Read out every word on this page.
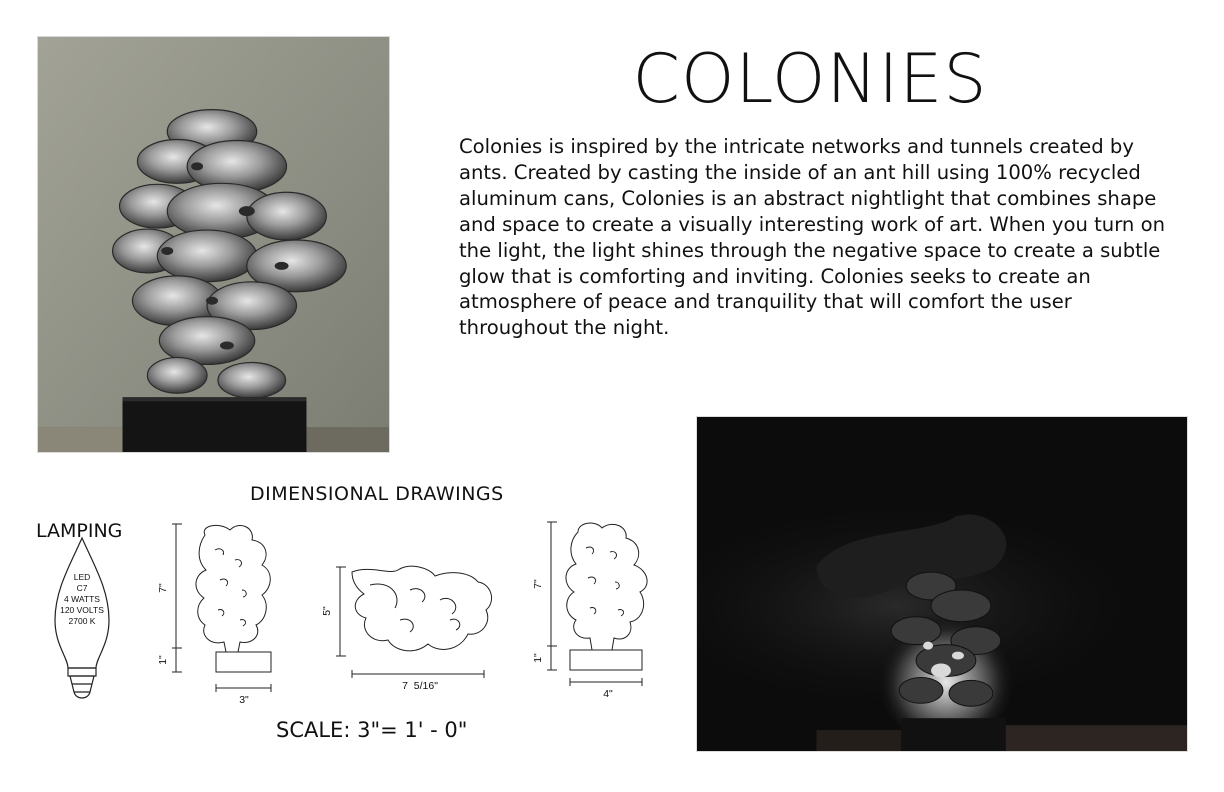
COLONIES
Colonies is inspired by the intricate networks and tunnels created by ants. Created by casting the inside of an ant hill using 100% recycled aluminum cans, Colonies is an abstract nightlight that combines shape and space to create a visually interesting work of art. When you turn on the light, the light shines through the negative space to create a subtle glow that is comforting and inviting. Colonies seeks to create an atmosphere of peace and tranquility that will comfort the user throughout the night.
DIMENSIONAL DRAWINGS
LAMPING
LED
C7
4 WATTS
120 VOLTS
2700 K
7"
1"
3"
5"
7  5/16"
7"
1"
4"
SCALE: 3"= 1' - 0"
